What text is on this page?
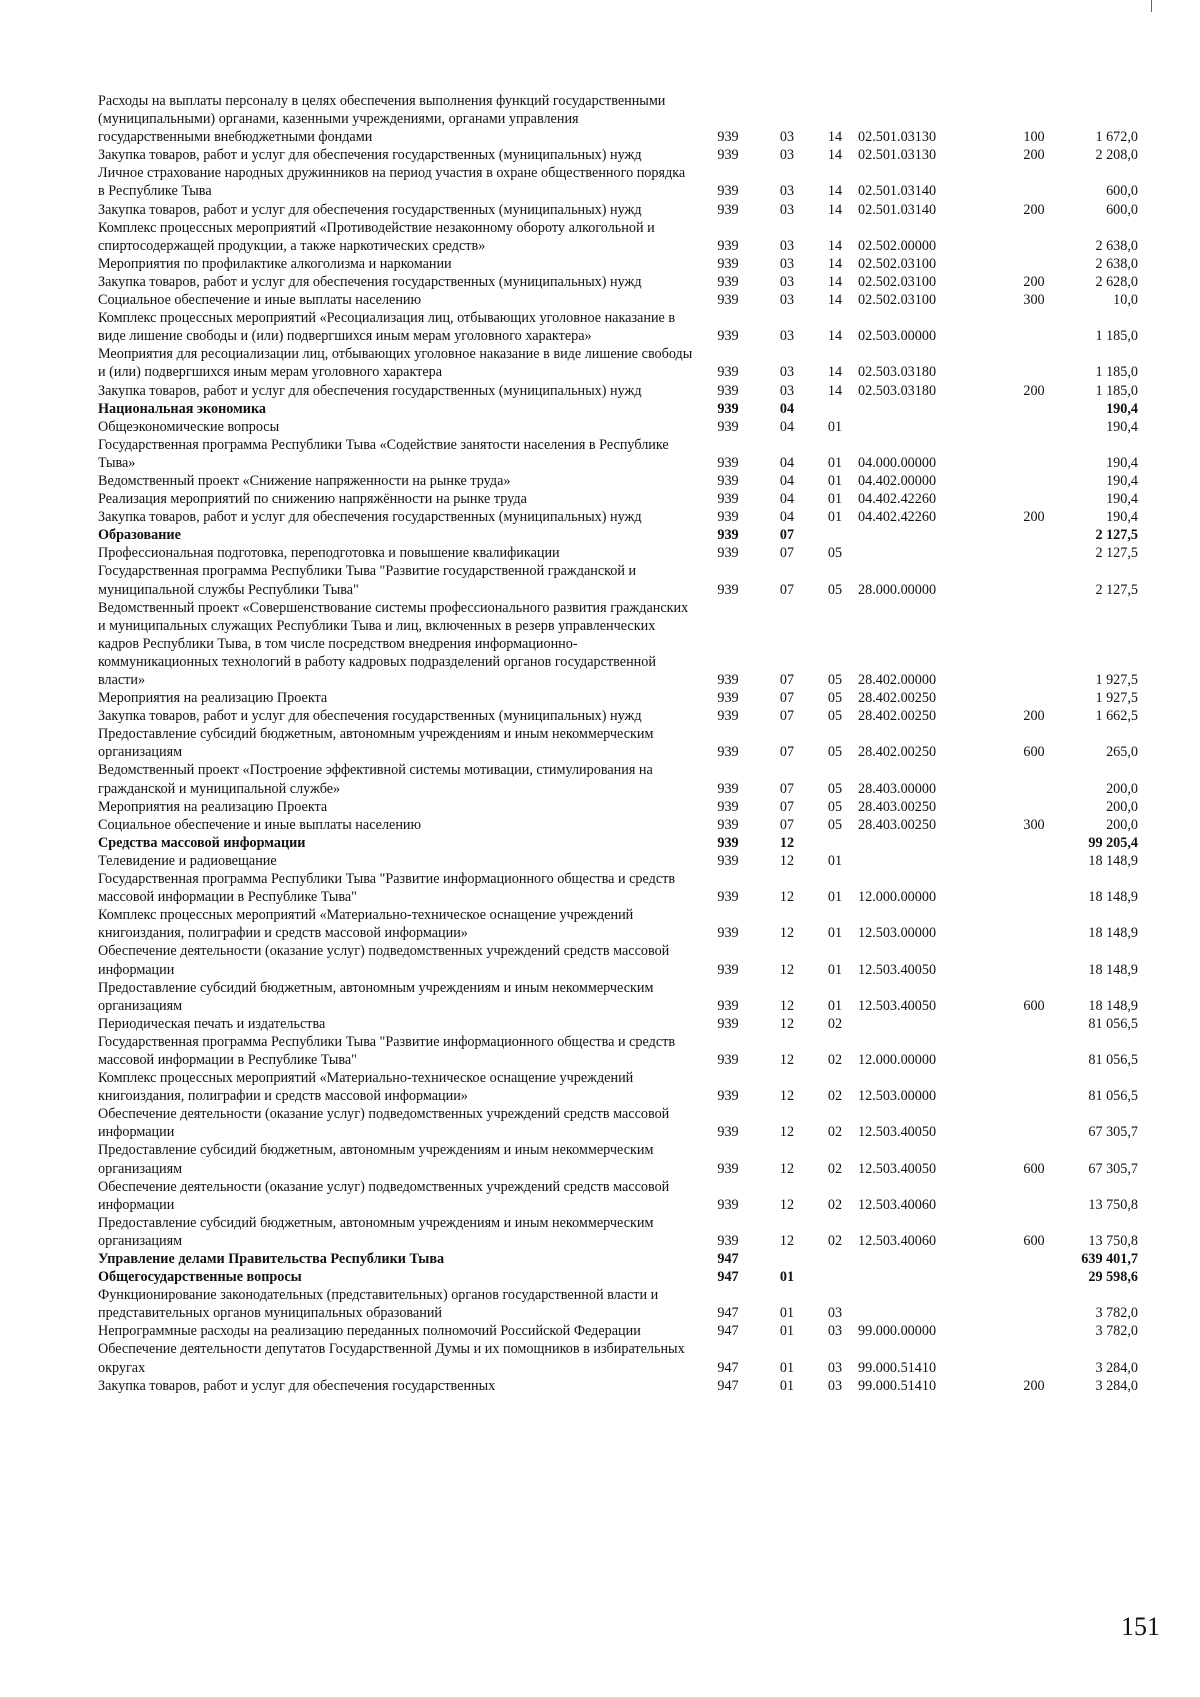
Расходы на выплаты персоналу в целях обеспечения выполнения функций государственными (муниципальными) органами, казенными учреждениями, органами управления государственными внебюджетными фондами	939	03	14	02.501.03130	100	1 672,0
Закупка товаров, работ и услуг для обеспечения государственных (муниципальных) нужд	939	03	14	02.501.03130	200	2 208,0
Личное страхование народных дружинников на период участия в охране общественного порядка в Республике Тыва	939	03	14	02.501.03140		600,0
Закупка товаров, работ и услуг для обеспечения государственных (муниципальных) нужд	939	03	14	02.501.03140	200	600,0
Комплекс процессных мероприятий «Противодействие незаконному обороту алкогольной и спиртосодержащей продукции, а также наркотических средств»	939	03	14	02.502.00000		2 638,0
Мероприятия по профилактике алкоголизма и наркомании	939	03	14	02.502.03100		2 638,0
Закупка товаров, работ и услуг для обеспечения государственных (муниципальных) нужд	939	03	14	02.502.03100	200	2 628,0
Социальное обеспечение и иные выплаты населению	939	03	14	02.502.03100	300	10,0
Комплекс процессных мероприятий «Ресоциализация лиц, отбывающих уголовное наказание в виде лишение свободы и (или) подвергшихся иным мерам уголовного характера»	939	03	14	02.503.00000		1 185,0
Меоприятия для ресоциализации лиц, отбывающих уголовное наказание в виде лишение свободы и (или) подвергшихся иным мерам уголовного характера	939	03	14	02.503.03180		1 185,0
Закупка товаров, работ и услуг для обеспечения государственных (муниципальных) нужд	939	03	14	02.503.03180	200	1 185,0
Национальная экономика	939	04				190,4
Общеэкономические вопросы	939	04	01			190,4
Государственная программа Республики Тыва «Содействие занятости населения в Республике Тыва»	939	04	01	04.000.00000		190,4
Ведомственный проект «Снижение напряженности на рынке труда»	939	04	01	04.402.00000		190,4
Реализация мероприятий по снижению напряжённости на рынке труда	939	04	01	04.402.42260		190,4
Закупка товаров, работ и услуг для обеспечения государственных (муниципальных) нужд	939	04	01	04.402.42260	200	190,4
Образование	939	07				2 127,5
Профессиональная подготовка, переподготовка и повышение квалификации	939	07	05			2 127,5
Государственная программа Республики Тыва "Развитие государственной гражданской и муниципальной службы Республики Тыва"	939	07	05	28.000.00000		2 127,5
Ведомственный проект «Совершенствование системы профессионального развития гражданских и муниципальных служащих Республики Тыва и лиц, включенных в резерв управленческих кадров Республики Тыва, в том числе посредством внедрения информационно-коммуникационных технологий в работу кадровых подразделений органов государственной власти»	939	07	05	28.402.00000		1 927,5
Мероприятия на реализацию Проекта	939	07	05	28.402.00250		1 927,5
Закупка товаров, работ и услуг для обеспечения государственных (муниципальных) нужд	939	07	05	28.402.00250	200	1 662,5
Предоставление субсидий бюджетным, автономным учреждениям и иным некоммерческим организациям	939	07	05	28.402.00250	600	265,0
Ведомственный проект «Построение эффективной системы мотивации, стимулирования на гражданской и муниципальной службе»	939	07	05	28.403.00000		200,0
Мероприятия на реализацию Проекта	939	07	05	28.403.00250		200,0
Социальное обеспечение и иные выплаты населению	939	07	05	28.403.00250	300	200,0
Средства массовой информации	939	12				99 205,4
Телевидение и радиовещание	939	12	01			18 148,9
Государственная программа Республики Тыва "Развитие информационного общества и средств массовой информации в Республике Тыва"	939	12	01	12.000.00000		18 148,9
Комплекс процессных мероприятий «Материально-техническое оснащение учреждений книгоиздания, полиграфии и средств массовой информации»	939	12	01	12.503.00000		18 148,9
Обеспечение деятельности (оказание услуг) подведомственных учреждений средств массовой информации	939	12	01	12.503.40050		18 148,9
Предоставление субсидий бюджетным, автономным учреждениям и иным некоммерческим организациям	939	12	01	12.503.40050	600	18 148,9
Периодическая печать и издательства	939	12	02			81 056,5
Государственная программа Республики Тыва "Развитие информационного общества и средств массовой информации в Республике Тыва"	939	12	02	12.000.00000		81 056,5
Комплекс процессных мероприятий «Материально-техническое оснащение учреждений книгоиздания, полиграфии и средств массовой информации»	939	12	02	12.503.00000		81 056,5
Обеспечение деятельности (оказание услуг) подведомственных учреждений средств массовой информации	939	12	02	12.503.40050		67 305,7
Предоставление субсидий бюджетным, автономным учреждениям и иным некоммерческим организациям	939	12	02	12.503.40050	600	67 305,7
Обеспечение деятельности (оказание услуг) подведомственных учреждений средств массовой информации	939	12	02	12.503.40060		13 750,8
Предоставление субсидий бюджетным, автономным учреждениям и иным некоммерческим организациям	939	12	02	12.503.40060	600	13 750,8
Управление делами Правительства Республики Тыва	947					639 401,7
Общегосударственные вопросы	947	01				29 598,6
Функционирование законодательных (представительных) органов государственной власти и представительных органов муниципальных образований	947	01	03			3 782,0
Непрограммные расходы на реализацию переданных полномочий Российской Федерации	947	01	03	99.000.00000		3 782,0
Обеспечение деятельности депутатов Государственной Думы и их помощников в избирательных округах	947	01	03	99.000.51410		3 284,0
Закупка товаров, работ и услуг для обеспечения государственных	947	01	03	99.000.51410	200	3 284,0
151
